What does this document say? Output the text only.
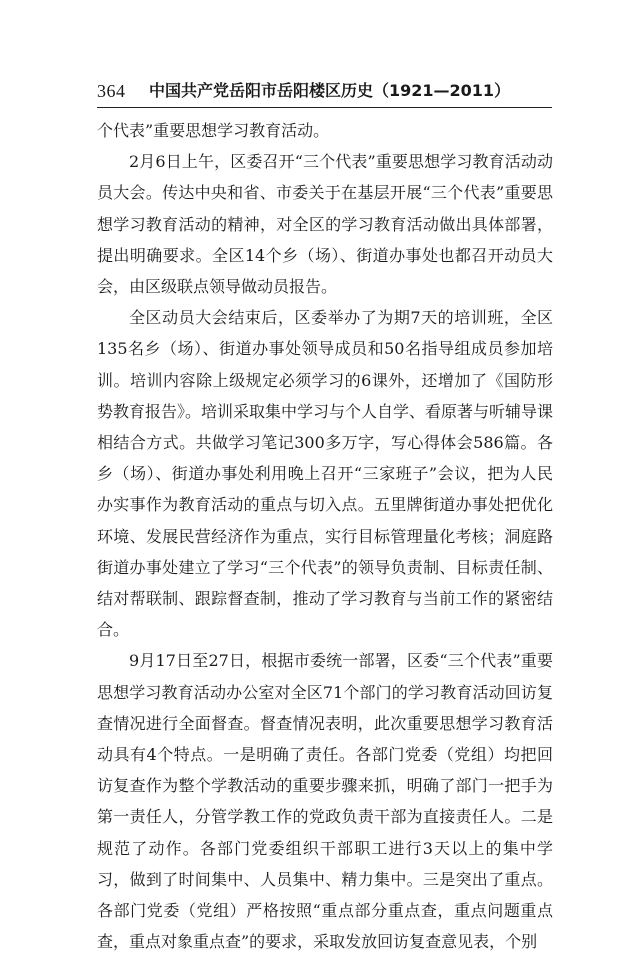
364 中国共产党岳阳市岳阳楼区历史（1921—2011）

个代表”重要思想学习教育活动。

2月6日上午，区委召开“三个代表”重要思想学习教育活动动员大会。传达中央和省、市委关于在基层开展“三个代表”重要思想学习教育活动的精神，对全区的学习教育活动做出具体部署，提出明确要求。全区14个乡（场）、街道办事处也都召开动员大会，由区级联点领导做动员报告。

全区动员大会结束后，区委举办了为期7天的培训班，全区135名乡（场）、街道办事处领导成员和50名指导组成员参加培训。培训内容除上级规定必须学习的6课外，还增加了《国防形势教育报告》。培训采取集中学习与个人自学、看原著与听辅导课相结合方式。共做学习笔记300多万字，写心得体会586篇。各乡（场）、街道办事处利用晚上召开“三家班子”会议，把为人民办实事作为教育活动的重点与切入点。五里牌街道办事处把优化环境、发展民营经济作为重点，实行目标管理量化考核；洞庭路街道办事处建立了学习“三个代表”的领导负责制、目标责任制、结对帮联制、跟踪督查制，推动了学习教育与当前工作的紧密结合。

9月17日至27日，根据市委统一部署，区委“三个代表”重要思想学习教育活动办公室对全区71个部门的学习教育活动回访复查情况进行全面督查。督查情况表明，此次重要思想学习教育活动具有4个特点。一是明确了责任。各部门党委（党组）均把回访复查作为整个学教活动的重要步骤来抓，明确了部门一把手为第一责任人，分管学教工作的党政负责干部为直接责任人。二是规范了动作。各部门党委组织干部职工进行3天以上的集中学习，做到了时间集中、人员集中、精力集中。三是突出了重点。各部门党委（党组）严格按照“重点部分重点查，重点问题重点查，重点对象重点查”的要求，采取发放回访复查意见表，个别
